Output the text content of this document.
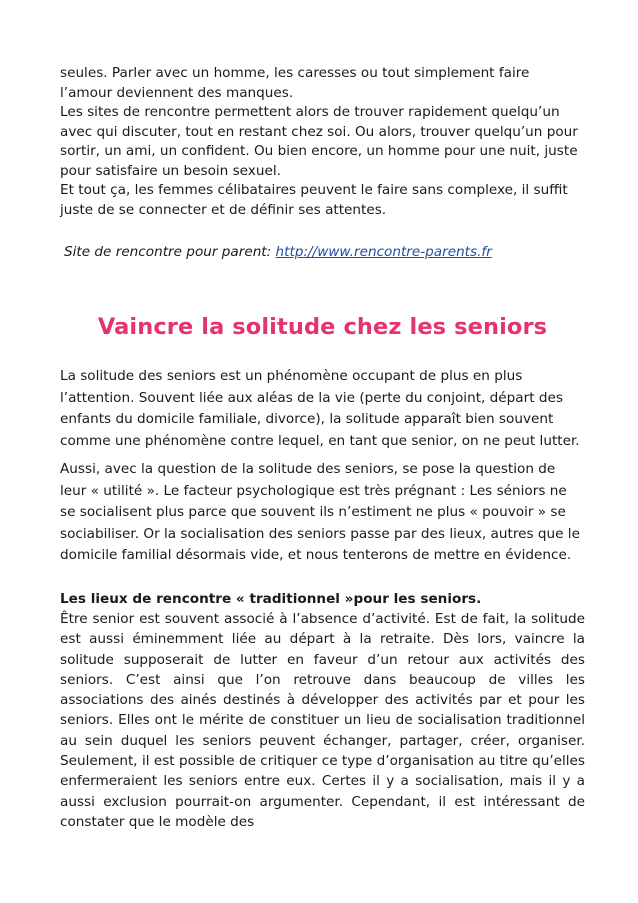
seules. Parler avec un homme, les caresses ou tout simplement faire l’amour deviennent des manques.

Les sites de rencontre permettent alors de trouver rapidement quelqu’un avec qui discuter, tout en restant chez soi. Ou alors, trouver quelqu’un pour sortir, un ami, un confident. Ou bien encore, un homme pour une nuit, juste pour satisfaire un besoin sexuel.

Et tout ça, les femmes célibataires peuvent le faire sans complexe, il suffit juste de se connecter et de définir ses attentes.

Site de rencontre pour parent: http://www.rencontre-parents.fr

Vaincre la solitude chez les seniors

La solitude des seniors est un phénomène occupant de plus en plus l’attention. Souvent liée aux aléas de la vie (perte du conjoint, départ des enfants du domicile familiale, divorce), la solitude apparaît bien souvent comme une phénomène contre lequel, en tant que senior, on ne peut lutter.

Aussi, avec la question de la solitude des seniors, se pose la question de leur « utilité ». Le facteur psychologique est très prégnant : Les séniors ne se socialisent plus parce que souvent ils n’estiment ne plus « pouvoir » se sociabiliser. Or la socialisation des seniors passe par des lieux, autres que le domicile familial désormais vide, et nous tenterons de mettre en évidence.

Les lieux de rencontre « traditionnel »pour les seniors.

Être senior est souvent associé à l’absence d’activité. Est de fait, la solitude est aussi éminemment liée au départ à la retraite. Dès lors, vaincre la solitude supposerait de lutter en faveur d’un retour aux activités des seniors. C’est ainsi que l’on retrouve dans beaucoup de villes les associations des ainés destinés à développer des activités par et pour les seniors. Elles ont le mérite de constituer un lieu de socialisation traditionnel au sein duquel les seniors peuvent échanger, partager, créer, organiser. Seulement, il est possible de critiquer ce type d’organisation au titre qu’elles enfermeraient les seniors entre eux. Certes il y a socialisation, mais il y a aussi exclusion pourrait-on argumenter. Cependant, il est intéressant de constater que le modèle des
